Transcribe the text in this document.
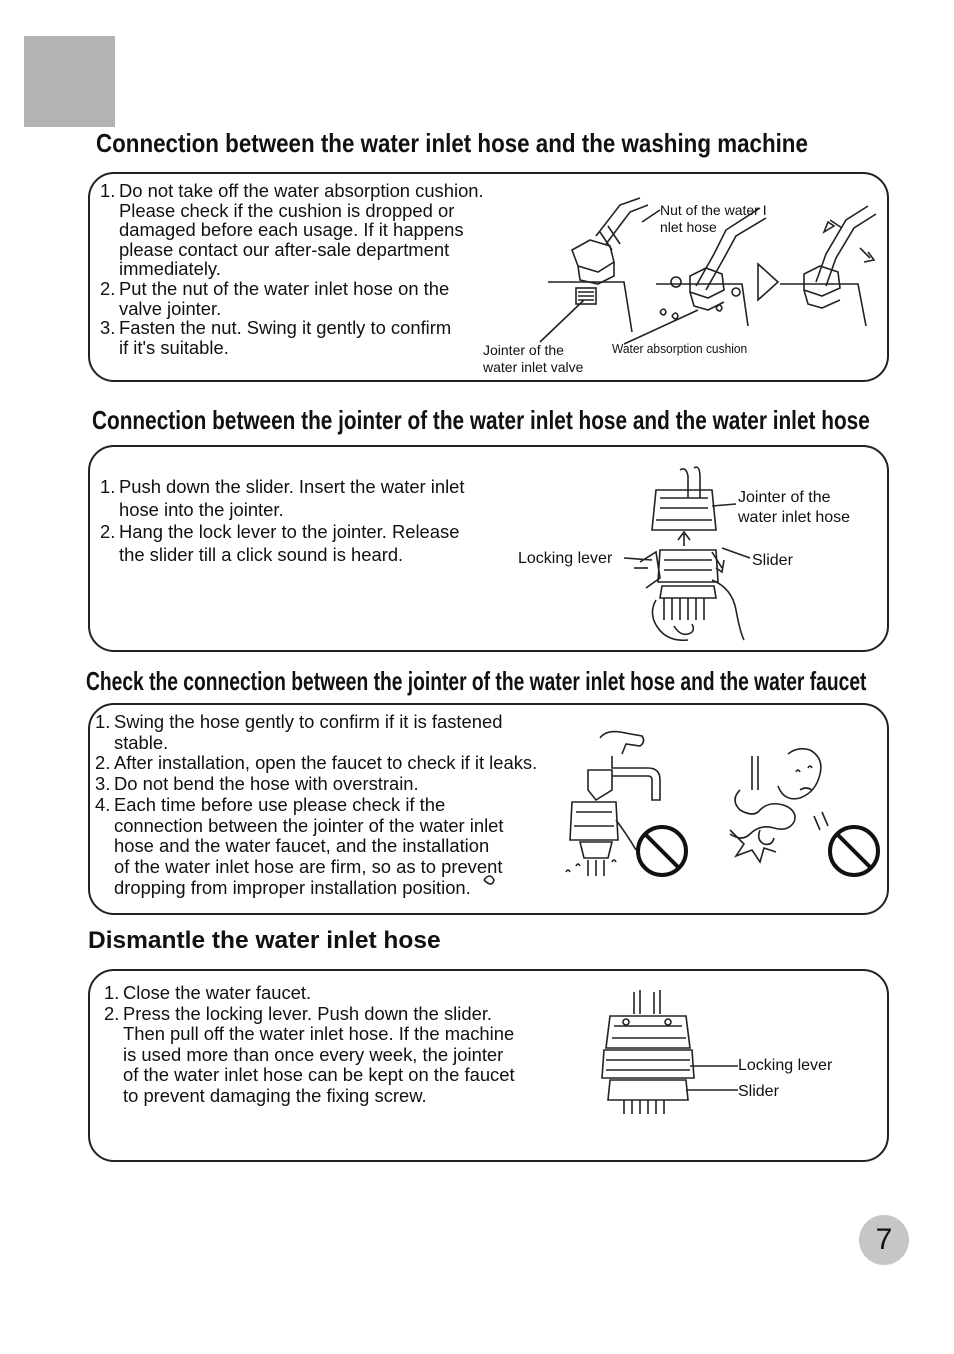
Connection between the water inlet hose and the washing machine
1. Do not take off the water absorption cushion.
Please check if the cushion is dropped or
damaged before each usage. If it happens
please contact our after-sale department
immediately.
2. Put the nut of the water inlet hose on the
valve jointer.
3. Fasten the nut. Swing it gently to confirm
if it's suitable.
Nut of the water I
nlet hose
Jointer of the
water inlet valve
Water absorption cushion
Connection between the jointer of the water inlet hose and the water inlet hose
1. Push down the slider. Insert the water inlet
hose into the jointer.
2. Hang the lock lever to the jointer. Release
the slider till a click sound is heard.
Jointer of the
water inlet hose
Locking lever	Slider
Check the connection between the jointer of the water inlet hose and the water faucet
1. Swing the hose gently to confirm if it is fastened
stable.
2. After installation, open the faucet to check if it leaks.
3. Do not bend the hose with overstrain.
4. Each time before use please check if the
connection between the jointer of the water inlet
hose and the water faucet, and the installation
of the water inlet hose are firm, so as to prevent
dropping from improper installation position.
Dismantle the water inlet hose
1. Close the water faucet.
2. Press the locking lever. Push down the slider.
Then pull off the water inlet hose. If the machine
is used more than once every week, the jointer
of the water inlet hose can be kept on the faucet
to prevent damaging the fixing screw.
Locking lever
Slider
7
